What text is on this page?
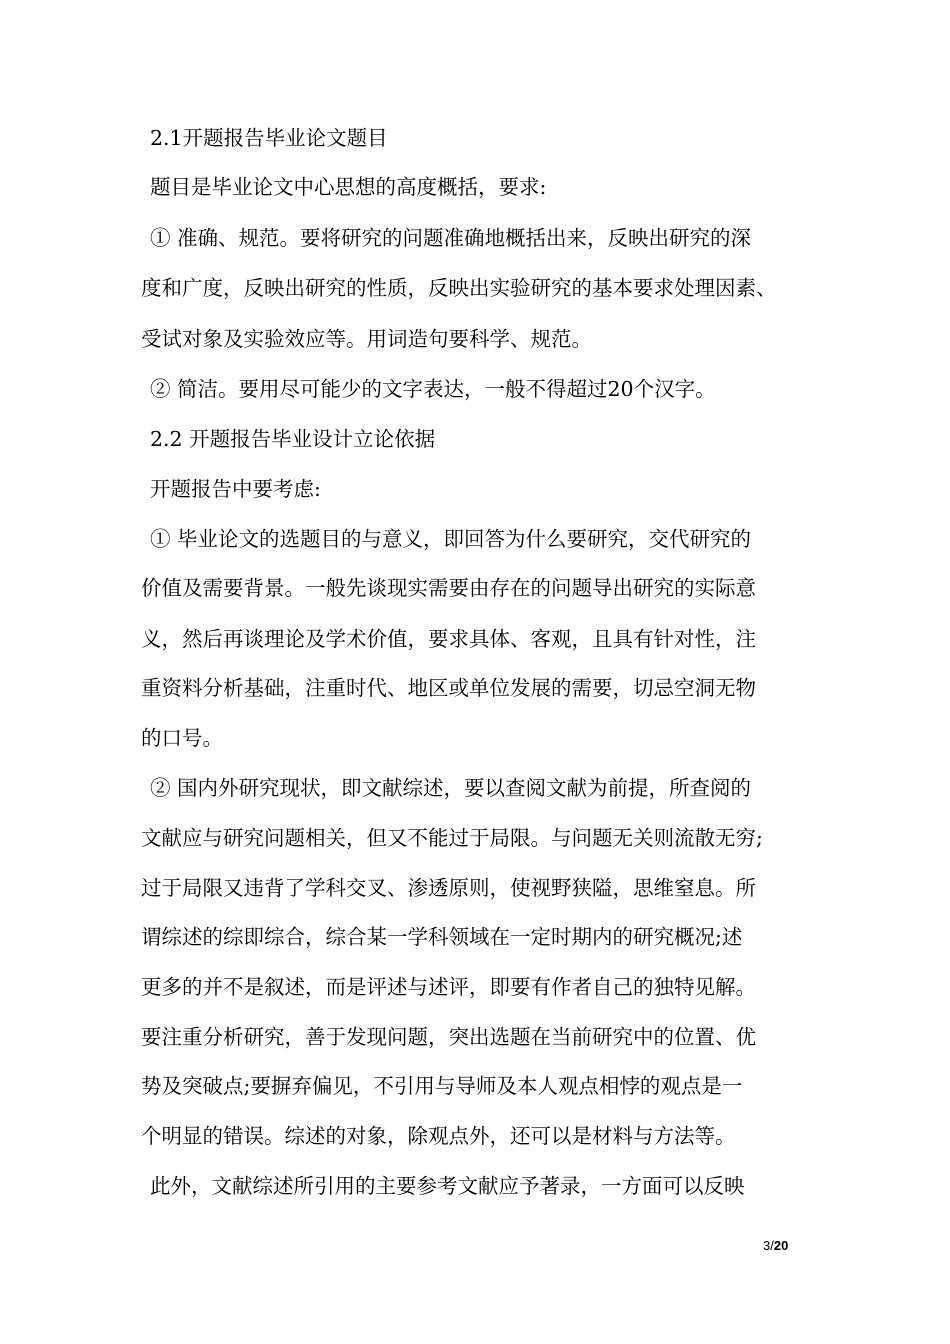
2.1开题报告毕业论文题目

题目是毕业论文中心思想的高度概括，要求:

① 准确、规范。要将研究的问题准确地概括出来，反映出研究的深

度和广度，反映出研究的性质，反映出实验研究的基本要求处理因素、

受试对象及实验效应等。用词造句要科学、规范。

② 简洁。要用尽可能少的文字表达，一般不得超过20个汉字。

2.2 开题报告毕业设计立论依据

开题报告中要考虑:

① 毕业论文的选题目的与意义，即回答为什么要研究，交代研究的

价值及需要背景。一般先谈现实需要由存在的问题导出研究的实际意

义，然后再谈理论及学术价值，要求具体、客观，且具有针对性，注

重资料分析基础，注重时代、地区或单位发展的需要，切忌空洞无物

的口号。

② 国内外研究现状，即文献综述，要以查阅文献为前提，所查阅的

文献应与研究问题相关，但又不能过于局限。与问题无关则流散无穷;

过于局限又违背了学科交叉、渗透原则，使视野狭隘，思维窒息。所

谓综述的综即综合，综合某一学科领域在一定时期内的研究概况;述

更多的并不是叙述，而是评述与述评，即要有作者自己的独特见解。

要注重分析研究，善于发现问题，突出选题在当前研究中的位置、优

势及突破点;要摒弃偏见，不引用与导师及本人观点相悖的观点是一

个明显的错误。综述的对象，除观点外，还可以是材料与方法等。

此外，文献综述所引用的主要参考文献应予著录，一方面可以反映

3/20
